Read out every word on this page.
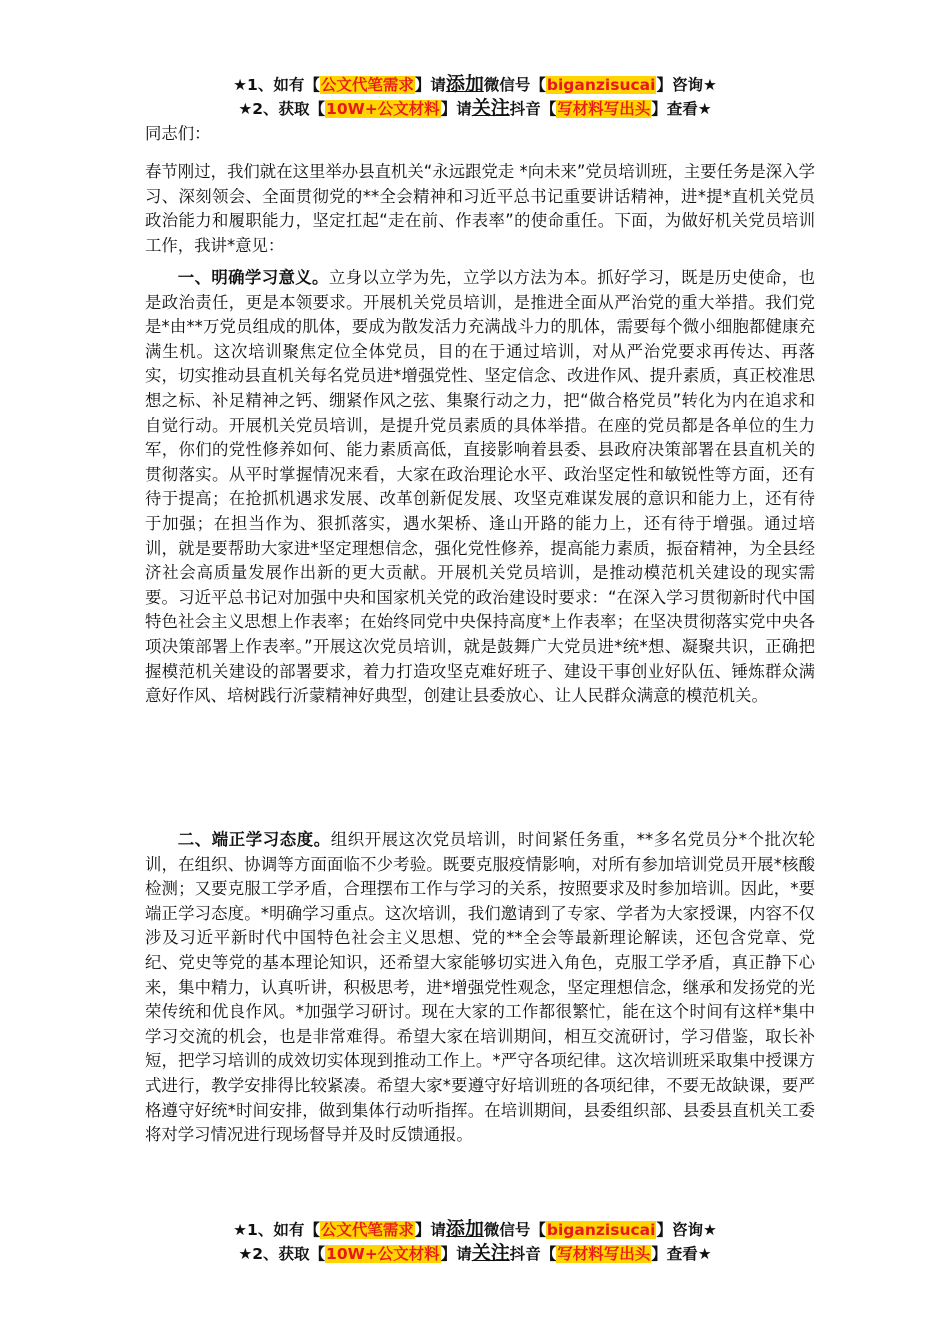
★1、如有【公文代笔需求】请添加微信号【biganzisucai】咨询★
★2、获取【10W+公文材料】请关注抖音【写材料写出头】查看★
同志们：

春节刚过，我们就在这里举办县直机关“永远跟党走 *向未来”党员培训班，主要任务是深入学习、深刻领会、全面贯彻党的**全会精神和习近平总书记重要讲话精神，进*提*直机关党员政治能力和履职能力，坚定扛起“走在前、作表率”的使命重任。下面，为做好机关党员培训工作，我讲*意见：

一、明确学习意义。立身以立学为先，立学以方法为本。抓好学习，既是历史使命，也是政治责任，更是本领要求。开展机关党员培训，是推进全面从严治党的重大举措。我们党是*由**万党员组成的肌体，要成为散发活力充满战斗力的肌体，需要每个微小细胞都健康充满生机。这次培训聚焦定位全体党员，目的在于通过培训，对从严治党要求再传达、再落实，切实推动县直机关每名党员进*增强党性、坚定信念、改进作风、提升素质，真正校准思想之标、补足精神之钙、绷紧作风之弦、集聚行动之力，把“做合格党员”转化为内在追求和自觉行动。开展机关党员培训，是提升党员素质的具体举措。在座的党员都是各单位的生力军，你们的党性修养如何、能力素质高低，直接影响着县委、县政府决策部署在县直机关的贯彻落实。从平时掌握情况来看，大家在政治理论水平、政治坚定性和敏锐性等方面，还有待于提高；在抢抓机遇求发展、改革创新促发展、攻坚克难谋发展的意识和能力上，还有待于加强；在担当作为、狠抓落实，遇水架桥、逢山开路的能力上，还有待于增强。通过培训，就是要帮助大家进*坚定理想信念，强化党性修养，提高能力素质，振奋精神，为全县经济社会高质量发展作出新的更大贡献。开展机关党员培训，是推动模范机关建设的现实需要。习近平总书记对加强中央和国家机关党的政治建设时要求：“在深入学习贯彻新时代中国特色社会主义思想上作表率；在始终同党中央保持高度*上作表率；在坚决贯彻落实党中央各项决策部署上作表率。”开展这次党员培训，就是鼓舞广大党员进*统*想、凝聚共识，正确把握模范机关建设的部署要求，着力打造攻坚克难好班子、建设干事创业好队伍、锤炼群众满意好作风、培树践行沂蒙精神好典型，创建让县委放心、让人民群众满意的模范机关。

二、端正学习态度。组织开展这次党员培训，时间紧任务重，**多名党员分*个批次轮训，在组织、协调等方面面临不少考验。既要克服疫情影响，对所有参加培训党员开展*核酸检测；又要克服工学矛盾，合理摆布工作与学习的关系，按照要求及时参加培训。因此，*要端正学习态度。*明确学习重点。这次培训，我们邀请到了专家、学者为大家授课，内容不仅涉及习近平新时代中国特色社会主义思想、党的**全会等最新理论解读，还包含党章、党纪、党史等党的基本理论知识，还希望大家能够切实进入角色，克服工学矛盾，真正静下心来，集中精力，认真听讲，积极思考，进*增强党性观念，坚定理想信念，继承和发扬党的光荣传统和优良作风。*加强学习研讨。现在大家的工作都很繁忙，能在这个时间有这样*集中学习交流的机会，也是非常难得。希望大家在培训期间，相互交流研讨，学习借鉴，取长补短，把学习培训的成效切实体现到推动工作上。*严守各项纪律。这次培训班采取集中授课方式进行，教学安排得比较紧凑。希望大家*要遵守好培训班的各项纪律，不要无故缺课，要严格遵守好统*时间安排，做到集体行动听指挥。在培训期间，县委组织部、县委县直机关工委将对学习情况进行现场督导并及时反馈通报。

★1、如有【公文代笔需求】请添加微信号【biganzisucai】咨询★
★2、获取【10W+公文材料】请关注抖音【写材料写出头】查看★
